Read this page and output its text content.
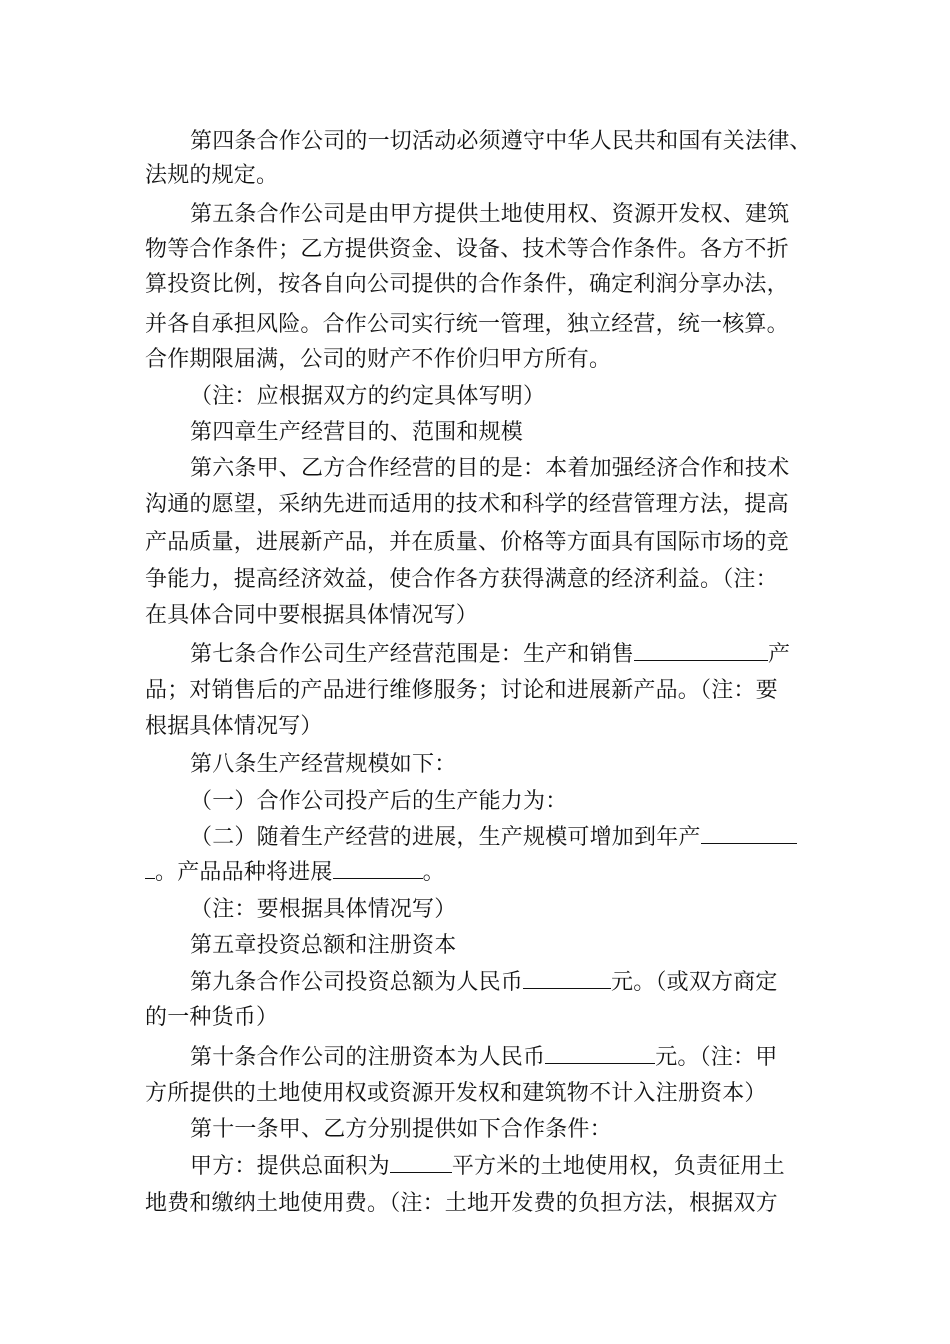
第四条合作公司的一切活动必须遵守中华人民共和国有关法律、
法规的规定。
第五条合作公司是由甲方提供土地使用权、资源开发权、建筑
物等合作条件；乙方提供资金、设备、技术等合作条件。各方不折
算投资比例，按各自向公司提供的合作条件，确定利润分享办法，
并各自承担风险。合作公司实行统一管理，独立经营，统一核算。
合作期限届满，公司的财产不作价归甲方所有。
（注：应根据双方的约定具体写明）
第四章生产经营目的、范围和规模
第六条甲、乙方合作经营的目的是：本着加强经济合作和技术
沟通的愿望，采纳先进而适用的技术和科学的经营管理方法，提高
产品质量，进展新产品，并在质量、价格等方面具有国际市场的竞
争能力，提高经济效益，使合作各方获得满意的经济利益。（注：
在具体合同中要根据具体情况写）
第七条合作公司生产经营范围是：生产和销售	产
品；对销售后的产品进行维修服务；讨论和进展新产品。（注：要
根据具体情况写）
第八条生产经营规模如下：
（一）合作公司投产后的生产能力为：
（二）随着生产经营的进展，生产规模可增加到年产
。产品品种将进展	。
（注：要根据具体情况写）
第五章投资总额和注册资本
第九条合作公司投资总额为人民币	元。（或双方商定
的一种货币）
第十条合作公司的注册资本为人民币	元。（注：甲
方所提供的土地使用权或资源开发权和建筑物不计入注册资本）
第十一条甲、乙方分别提供如下合作条件：
甲方：提供总面积为	平方米的土地使用权，负责征用土
地费和缴纳土地使用费。（注：土地开发费的负担方法，根据双方
